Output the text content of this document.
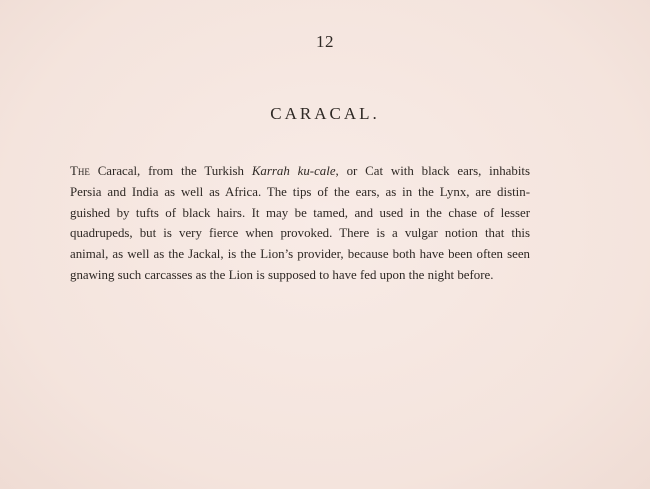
12
CARACAL.
The Caracal, from the Turkish Karrah ku-cale, or Cat with black ears, inhabits
Persia and India as well as Africa. The tips of the ears, as in the Lynx, are distin-
guished by tufts of black hairs. It may be tamed, and used in the chase of lesser
quadrupeds, but is very fierce when provoked. There is a vulgar notion that this
animal, as well as the Jackal, is the Lion’s provider, because both have been often seen
gnawing such carcasses as the Lion is supposed to have fed upon the night before.
